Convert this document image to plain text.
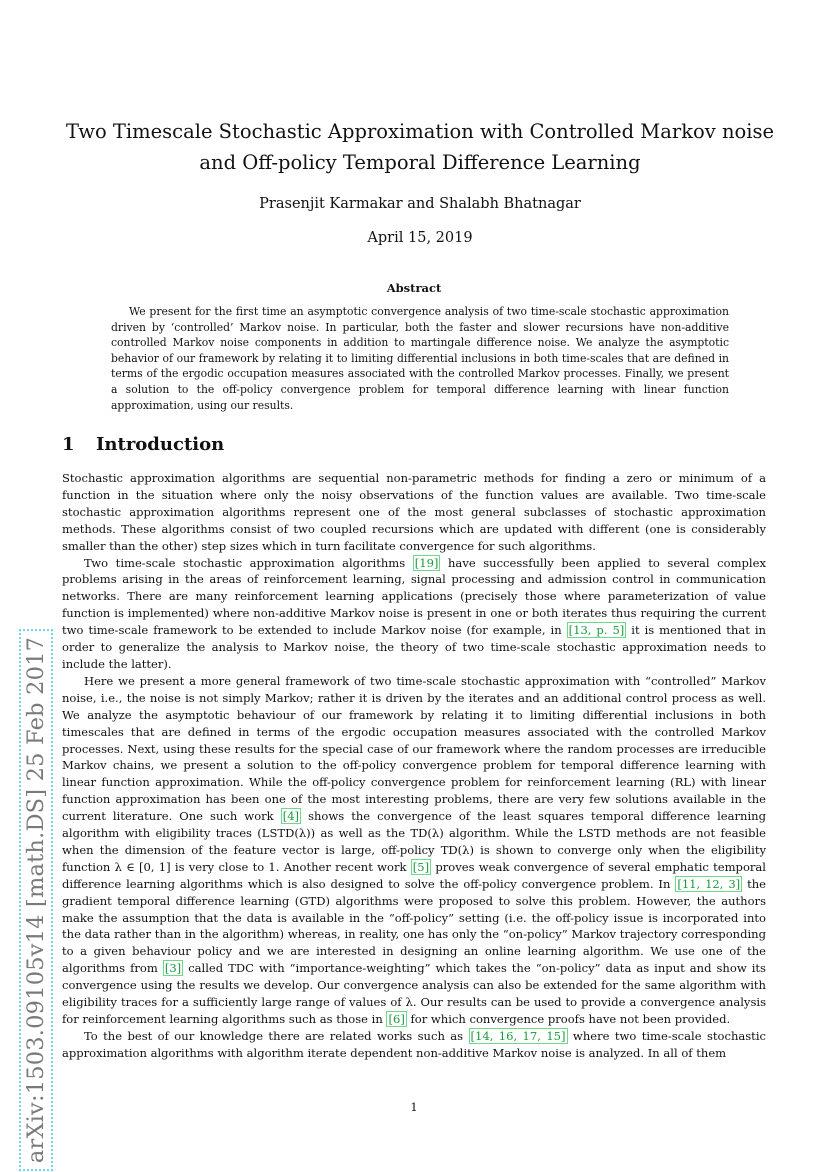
arXiv:1503.09105v14 [math.DS] 25 Feb 2017
Two Timescale Stochastic Approximation with Controlled Markov noise
and Off-policy Temporal Difference Learning
Prasenjit Karmakar and Shalabh Bhatnagar
April 15, 2019
Abstract

We present for the first time an asymptotic convergence analysis of two time-scale stochastic approximation driven by ‘controlled’ Markov noise. In particular, both the faster and slower recursions have non-additive controlled Markov noise components in addition to martingale difference noise. We analyze the asymptotic behavior of our framework by relating it to limiting differential inclusions in both time-scales that are defined in terms of the ergodic occupation measures associated with the controlled Markov processes. Finally, we present a solution to the off-policy convergence problem for temporal difference learning with linear function approximation, using our results.

1 Introduction

Stochastic approximation algorithms are sequential non-parametric methods for finding a zero or minimum of a function in the situation where only the noisy observations of the function values are available. Two time-scale stochastic approximation algorithms represent one of the most general subclasses of stochastic approximation methods. These algorithms consist of two coupled recursions which are updated with different (one is considerably smaller than the other) step sizes which in turn facilitate convergence for such algorithms.

Two time-scale stochastic approximation algorithms [19] have successfully been applied to several complex problems arising in the areas of reinforcement learning, signal processing and admission control in communication networks. There are many reinforcement learning applications (precisely those where parameterization of value function is implemented) where non-additive Markov noise is present in one or both iterates thus requiring the current two time-scale framework to be extended to include Markov noise (for example, in [13, p. 5] it is mentioned that in order to generalize the analysis to Markov noise, the theory of two time-scale stochastic approximation needs to include the latter).

Here we present a more general framework of two time-scale stochastic approximation with “controlled” Markov noise, i.e., the noise is not simply Markov; rather it is driven by the iterates and an additional control process as well. We analyze the asymptotic behaviour of our framework by relating it to limiting differential inclusions in both timescales that are defined in terms of the ergodic occupation measures associated with the controlled Markov processes. Next, using these results for the special case of our framework where the random processes are irreducible Markov chains, we present a solution to the off-policy convergence problem for temporal difference learning with linear function approximation. While the off-policy convergence problem for reinforcement learning (RL) with linear function approximation has been one of the most interesting problems, there are very few solutions available in the current literature. One such work [4] shows the convergence of the least squares temporal difference learning algorithm with eligibility traces (LSTD(λ)) as well as the TD(λ) algorithm. While the LSTD methods are not feasible when the dimension of the feature vector is large, off-policy TD(λ) is shown to converge only when the eligibility function λ ∈ [0, 1] is very close to 1. Another recent work [5] proves weak convergence of several emphatic temporal difference learning algorithms which is also designed to solve the off-policy convergence problem. In [11, 12, 3] the gradient temporal difference learning (GTD) algorithms were proposed to solve this problem. However, the authors make the assumption that the data is available in the “off-policy” setting (i.e. the off-policy issue is incorporated into the data rather than in the algorithm) whereas, in reality, one has only the “on-policy” Markov trajectory corresponding to a given behaviour policy and we are interested in designing an online learning algorithm. We use one of the algorithms from [3] called TDC with “importance-weighting” which takes the “on-policy” data as input and show its convergence using the results we develop. Our convergence analysis can also be extended for the same algorithm with eligibility traces for a sufficiently large range of values of λ. Our results can be used to provide a convergence analysis for reinforcement learning algorithms such as those in [6] for which convergence proofs have not been provided.

To the best of our knowledge there are related works such as [14, 16, 17, 15] where two time-scale stochastic approximation algorithms with algorithm iterate dependent non-additive Markov noise is analyzed. In all of them

1
